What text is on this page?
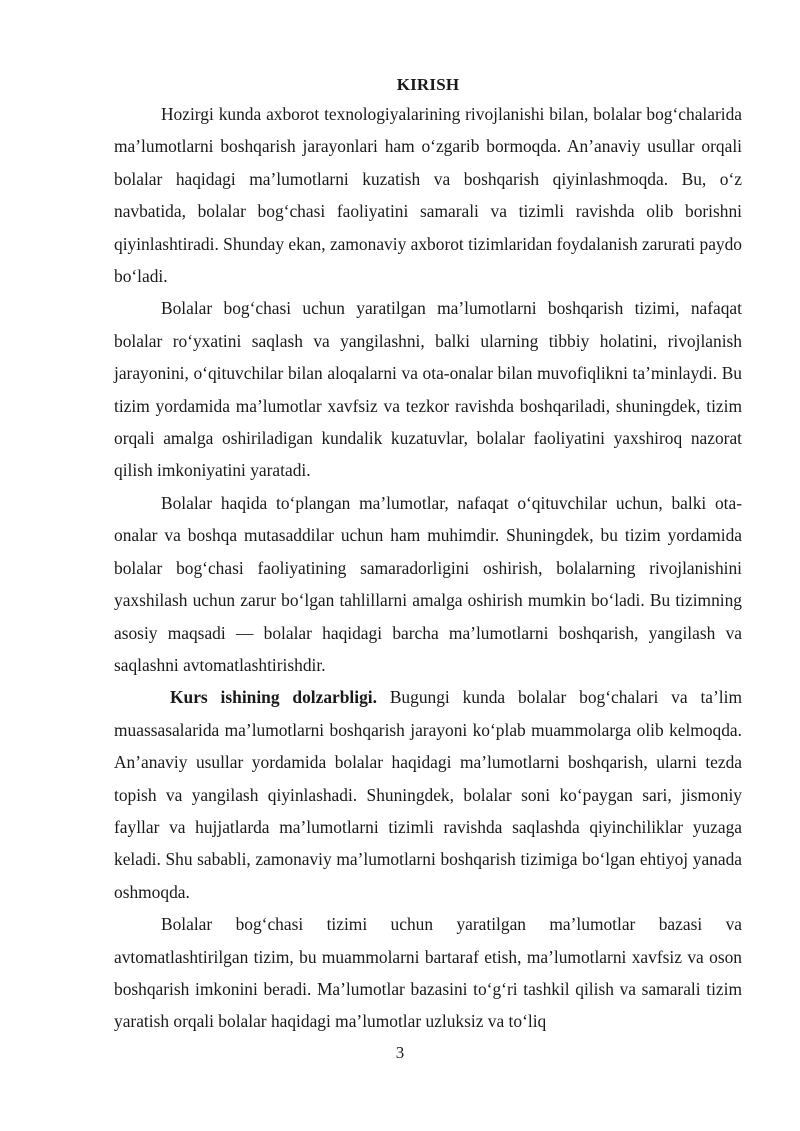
KIRISH

Hozirgi kunda axborot texnologiyalarining rivojlanishi bilan, bolalar bog‘chalarida ma’lumotlarni boshqarish jarayonlari ham o‘zgarib bormoqda. An’anaviy usullar orqali bolalar haqidagi ma’lumotlarni kuzatish va boshqarish qiyinlashmoqda. Bu, o‘z navbatida, bolalar bog‘chasi faoliyatini samarali va tizimli ravishda olib borishni qiyinlashtiradi. Shunday ekan, zamonaviy axborot tizimlaridan foydalanish zarurati paydo bo‘ladi.

Bolalar bog‘chasi uchun yaratilgan ma’lumotlarni boshqarish tizimi, nafaqat bolalar ro‘yxatini saqlash va yangilashni, balki ularning tibbiy holatini, rivojlanish jarayonini, o‘qituvchilar bilan aloqalarni va ota-onalar bilan muvofiqlikni ta’minlaydi. Bu tizim yordamida ma’lumotlar xavfsiz va tezkor ravishda boshqariladi, shuningdek, tizim orqali amalga oshiriladigan kundalik kuzatuvlar, bolalar faoliyatini yaxshiroq nazorat qilish imkoniyatini yaratadi.

Bolalar haqida to‘plangan ma’lumotlar, nafaqat o‘qituvchilar uchun, balki ota-onalar va boshqa mutasaddilar uchun ham muhimdir. Shuningdek, bu tizim yordamida bolalar bog‘chasi faoliyatining samaradorligini oshirish, bolalarning rivojlanishini yaxshilash uchun zarur bo‘lgan tahlillarni amalga oshirish mumkin bo‘ladi. Bu tizimning asosiy maqsadi — bolalar haqidagi barcha ma’lumotlarni boshqarish, yangilash va saqlashni avtomatlashtirishdir.

Kurs ishining dolzarbligi. Bugungi kunda bolalar bog‘chalari va ta’lim muassasalarida ma’lumotlarni boshqarish jarayoni ko‘plab muammolarga olib kelmoqda. An’anaviy usullar yordamida bolalar haqidagi ma’lumotlarni boshqarish, ularni tezda topish va yangilash qiyinlashadi. Shuningdek, bolalar soni ko‘paygan sari, jismoniy fayllar va hujjatlarda ma’lumotlarni tizimli ravishda saqlashda qiyinchiliklar yuzaga keladi. Shu sababli, zamonaviy ma’lumotlarni boshqarish tizimiga bo‘lgan ehtiyoj yanada oshmoqda.

Bolalar bog‘chasi tizimi uchun yaratilgan ma’lumotlar bazasi va avtomatlashtirilgan tizim, bu muammolarni bartaraf etish, ma’lumotlarni xavfsiz va oson boshqarish imkonini beradi. Ma’lumotlar bazasini to‘g‘ri tashkil qilish va samarali tizim yaratish orqali bolalar haqidagi ma’lumotlar uzluksiz va to‘liq

3
